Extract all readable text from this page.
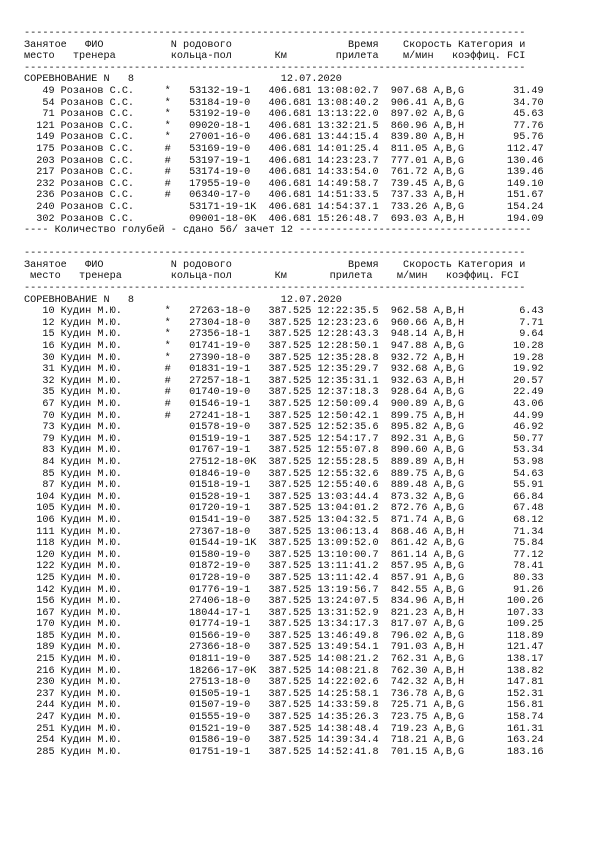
----------------------------------------------------------------------------------
Занятое   ФИО           N родового                   Время    Скорость Категория и
место   тренера         кольца-пол       Км        прилета    м/мин   коэффиц. FCI
----------------------------------------------------------------------------------
СОРЕВНОВАНИЕ N   8                        12.07.2020
49 Розанов С.С.     *   53132-19-1   406.681 13:08:02.7  907.68 A,B,G        31.49
54 Розанов С.С.     *   53184-19-0   406.681 13:08:40.2  906.41 A,B,G        34.70
71 Розанов С.С.     *   53192-19-0   406.681 13:13:22.0  897.02 A,B,G        45.63
121 Розанов С.С.     *   09020-18-1   406.681 13:32:21.5  860.96 A,B,H        77.76
149 Розанов С.С.     *   27001-16-0   406.681 13:44:15.4  839.80 A,B,H        95.76
175 Розанов С.С.     #   53169-19-0   406.681 14:01:25.4  811.05 A,B,G       112.47
203 Розанов С.С.     #   53197-19-1   406.681 14:23:23.7  777.01 A,B,G       130.46
217 Розанов С.С.     #   53174-19-0   406.681 14:33:54.0  761.72 A,B,G       139.46
232 Розанов С.С.     #   17955-19-0   406.681 14:49:58.7  739.45 A,B,G       149.10
236 Розанов С.С.     #   06340-17-0   406.681 14:51:33.5  737.33 A,B,H       151.67
240 Розанов С.С.         53171-19-1K  406.681 14:54:37.1  733.26 A,B,G       154.24
302 Розанов С.С.         09001-18-0K  406.681 15:26:48.7  693.03 A,B,H       194.09
---- Количество голубей - сдано 56/ зачет 12 --------------------------------------
----------------------------------------------------------------------------------
Занятое   ФИО           N родового                   Время    Скорость Категория и
место   тренера        кольца-пол       Км       прилета    м/мин   коэффиц. FCI
----------------------------------------------------------------------------------
СОРЕВНОВАНИЕ N   8                        12.07.2020
10 Кудин М.Ю.       *   27263-18-0   387.525 12:22:35.5  962.58 A,B,H         6.43
12 Кудин М.Ю.       *   27304-18-0   387.525 12:23:23.6  960.66 A,B,H         7.71
15 Кудин М.Ю.       *   27356-18-1   387.525 12:28:43.3  948.14 A,B,H         9.64
16 Кудин М.Ю.       *   01741-19-0   387.525 12:28:50.1  947.88 A,B,G        10.28
30 Кудин М.Ю.       *   27390-18-0   387.525 12:35:28.8  932.72 A,B,H        19.28
31 Кудин М.Ю.       #   01831-19-1   387.525 12:35:29.7  932.68 A,B,G        19.92
32 Кудин М.Ю.       #   27257-18-1   387.525 12:35:31.1  932.63 A,B,H        20.57
35 Кудин М.Ю.       #   01740-19-0   387.525 12:37:18.3  928.64 A,B,G        22.49
67 Кудин М.Ю.       #   01546-19-1   387.525 12:50:09.4  900.89 A,B,G        43.06
70 Кудин М.Ю.       #   27241-18-1   387.525 12:50:42.1  899.75 A,B,H        44.99
73 Кудин М.Ю.           01578-19-0   387.525 12:52:35.6  895.82 A,B,G        46.92
79 Кудин М.Ю.           01519-19-1   387.525 12:54:17.7  892.31 A,B,G        50.77
83 Кудин М.Ю.           01767-19-1   387.525 12:55:07.8  890.60 A,B,G        53.34
84 Кудин М.Ю.           27512-18-0K  387.525 12:55:28.5  889.89 A,B,H        53.98
85 Кудин М.Ю.           01846-19-0   387.525 12:55:32.6  889.75 A,B,G        54.63
87 Кудин М.Ю.           01518-19-1   387.525 12:55:40.6  889.48 A,B,G        55.91
104 Кудин М.Ю.           01528-19-1   387.525 13:03:44.4  873.32 A,B,G        66.84
105 Кудин М.Ю.           01720-19-1   387.525 13:04:01.2  872.76 A,B,G        67.48
106 Кудин М.Ю.           01541-19-0   387.525 13:04:32.5  871.74 A,B,G        68.12
111 Кудин М.Ю.           27367-18-0   387.525 13:06:13.4  868.46 A,B,H        71.34
118 Кудин М.Ю.           01544-19-1K  387.525 13:09:52.0  861.42 A,B,G        75.84
120 Кудин М.Ю.           01580-19-0   387.525 13:10:00.7  861.14 A,B,G        77.12
122 Кудин М.Ю.           01872-19-0   387.525 13:11:41.2  857.95 A,B,G        78.41
125 Кудин М.Ю.           01728-19-0   387.525 13:11:42.4  857.91 A,B,G        80.33
142 Кудин М.Ю.           01776-19-1   387.525 13:19:56.7  842.55 A,B,G        91.26
156 Кудин М.Ю.           27406-18-0   387.525 13:24:07.5  834.96 A,B,H       100.26
167 Кудин М.Ю.           18044-17-1   387.525 13:31:52.9  821.23 A,B,H       107.33
170 Кудин М.Ю.           01774-19-1   387.525 13:34:17.3  817.07 A,B,G       109.25
185 Кудин М.Ю.           01566-19-0   387.525 13:46:49.8  796.02 A,B,G       118.89
189 Кудин М.Ю.           27366-18-0   387.525 13:49:54.1  791.03 A,B,H       121.47
215 Кудин М.Ю.           01811-19-0   387.525 14:08:21.2  762.31 A,B,G       138.17
216 Кудин М.Ю.           18266-17-0K  387.525 14:08:21.8  762.30 A,B,H       138.82
230 Кудин М.Ю.           27513-18-0   387.525 14:22:02.6  742.32 A,B,H       147.81
237 Кудин М.Ю.           01505-19-1   387.525 14:25:58.1  736.78 A,B,G       152.31
244 Кудин М.Ю.           01507-19-0   387.525 14:33:59.8  725.71 A,B,G       156.81
247 Кудин М.Ю.           01555-19-0   387.525 14:35:26.3  723.75 A,B,G       158.74
251 Кудин М.Ю.           01521-19-0   387.525 14:38:48.4  719.23 A,B,G       161.31
254 Кудин М.Ю.           01586-19-0   387.525 14:39:34.4  718.21 A,B,G       163.24
285 Кудин М.Ю.           01751-19-1   387.525 14:52:41.8  701.15 A,B,G       183.16
